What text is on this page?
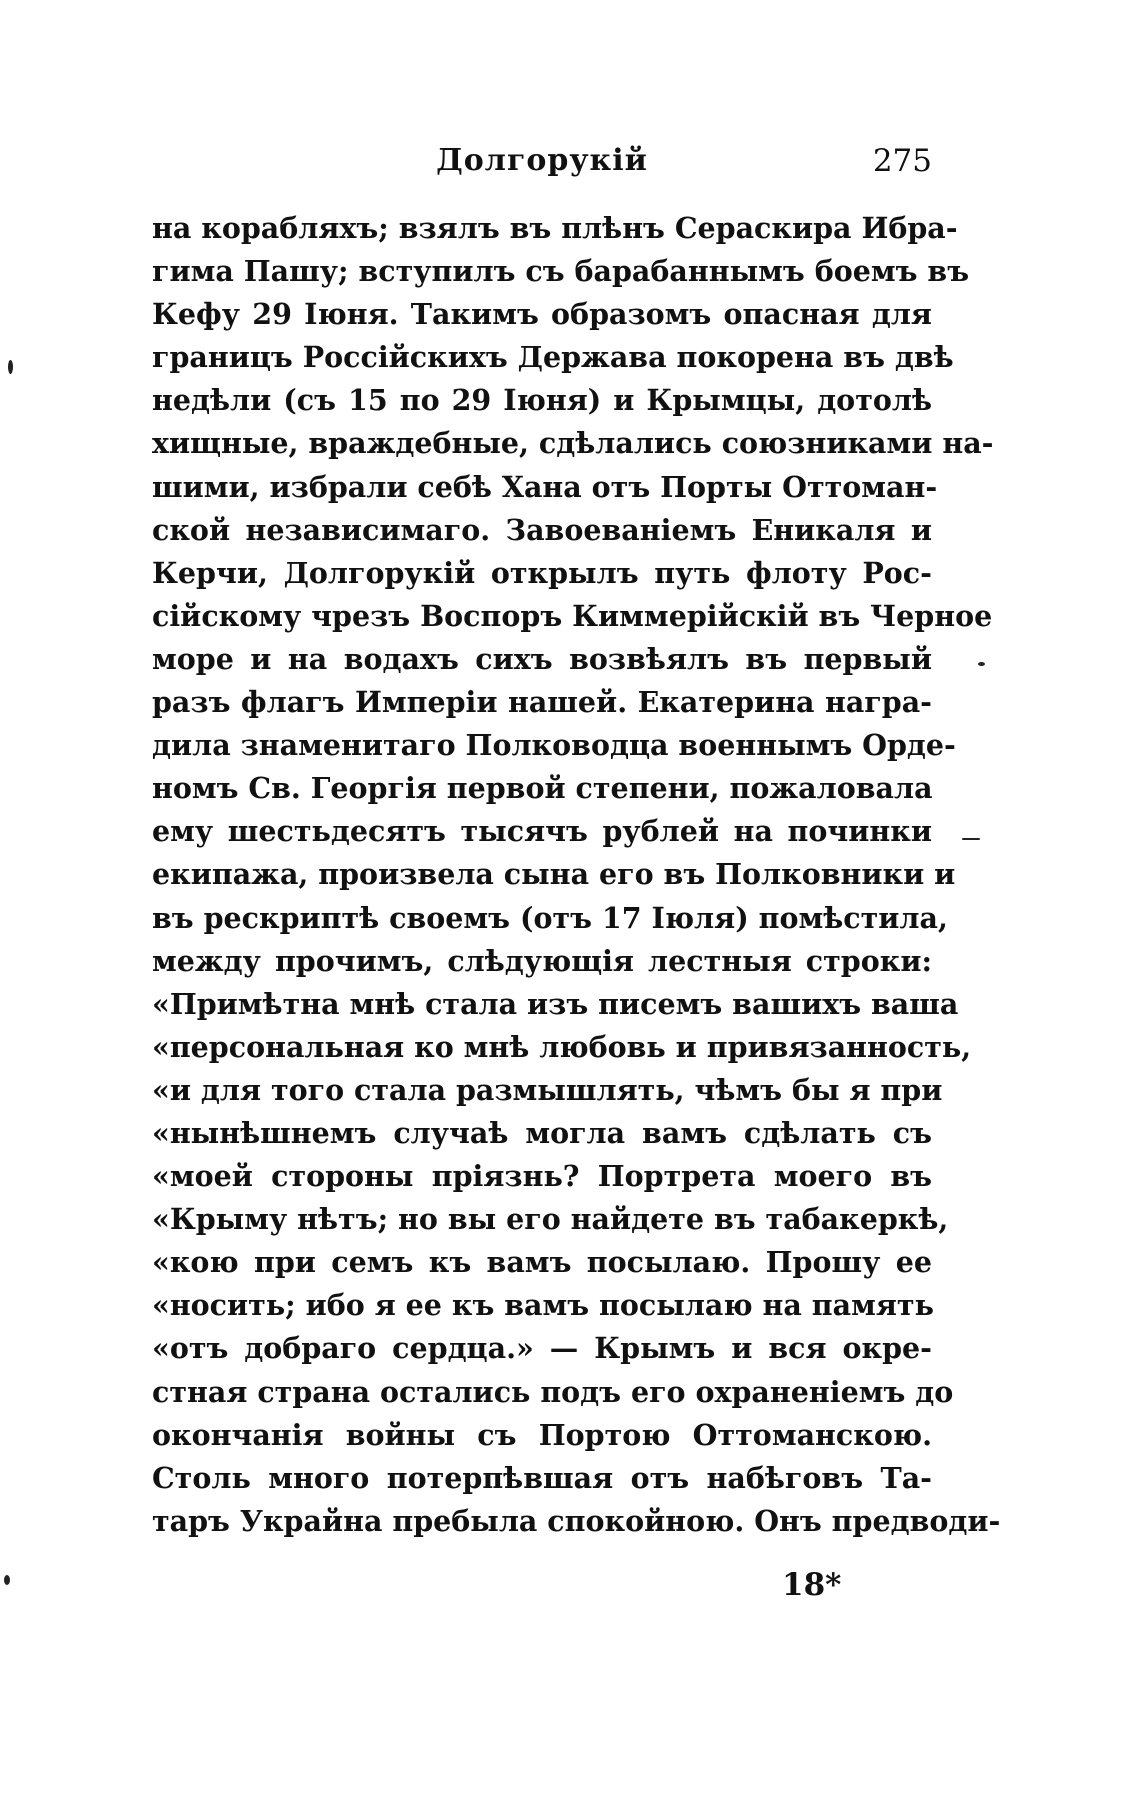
Долгорукій	275
на корабляхъ; взялъ въ плѣнъ Сераскира Ибра-
гима Пашу; вступилъ съ барабаннымъ боемъ въ
Кефу 29 Іюня. Такимъ образомъ опасная для
границъ Россійскихъ Держава покорена въ двѣ
недѣли (съ 15 по 29 Іюня) и Крымцы, дотолѣ
хищные, враждебные, сдѣлались союзниками на-
шими, избрали себѣ Хана отъ Порты Оттоман-
ской независимаго. Завоеваніемъ Еникаля и
Керчи, Долгорукій открылъ путь флоту Рос-
сійскому чрезъ Воспоръ Киммерійскій въ Черное
море и на водахъ сихъ возвѣялъ въ первый
разъ флагъ Имперіи нашей. Екатерина награ-
дила знаменитаго Полководца военнымъ Орде-
номъ Св. Георгія первой степени, пожаловала
ему шестьдесятъ тысячъ рублей на починки
екипажа, произвела сына его въ Полковники и
въ рескриптѣ своемъ (отъ 17 Іюля) помѣстила,
между прочимъ, слѣдующія лестныя строки:
«Примѣтна мнѣ стала изъ писемъ вашихъ ваша
«персональная ко мнѣ любовь и привязанность,
«и для того стала размышлять, чѣмъ бы я при
«нынѣшнемъ случаѣ могла вамъ сдѣлать съ
«моей стороны пріязнь? Портрета моего въ
«Крыму нѣтъ; но вы его найдете въ табакеркѣ,
«кою при семъ къ вамъ посылаю. Прошу ее
«носить; ибо я ее къ вамъ посылаю на память
«отъ добраго сердца.» — Крымъ и вся окре-
стная страна остались подъ его охраненіемъ до
окончанія войны съ Портою Оттоманскою.
Столь много потерпѣвшая отъ набѣговъ Та-
таръ Украйна пребыла спокойною. Онъ предводи-
18*
